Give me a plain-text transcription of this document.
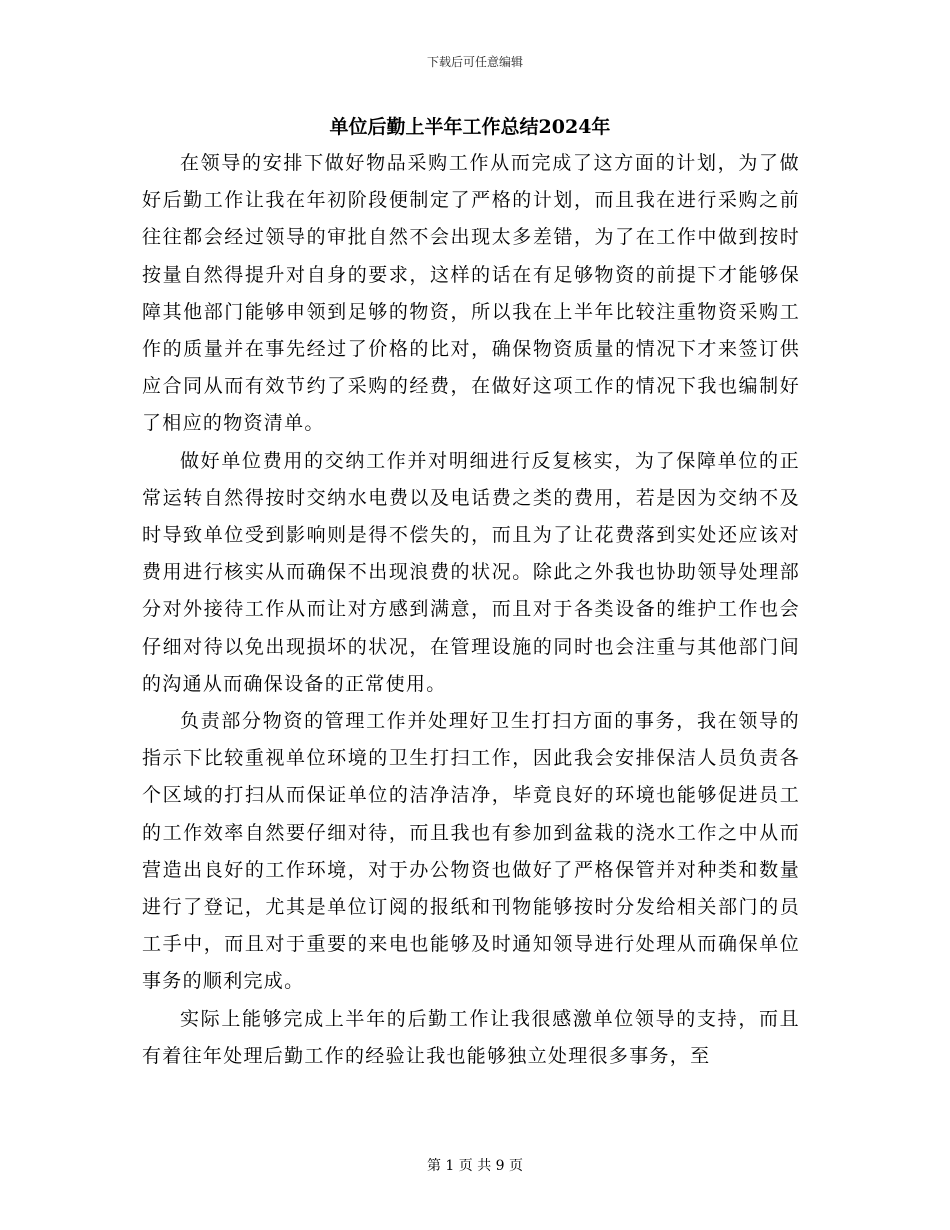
下载后可任意编辑
单位后勤上半年工作总结2024年

在领导的安排下做好物品采购工作从而完成了这方面的计划，为了做好后勤工作让我在年初阶段便制定了严格的计划，而且我在进行采购之前往往都会经过领导的审批自然不会出现太多差错，为了在工作中做到按时按量自然得提升对自身的要求，这样的话在有足够物资的前提下才能够保障其他部门能够申领到足够的物资，所以我在上半年比较注重物资采购工作的质量并在事先经过了价格的比对，确保物资质量的情况下才来签订供应合同从而有效节约了采购的经费，在做好这项工作的情况下我也编制好了相应的物资清单。

做好单位费用的交纳工作并对明细进行反复核实，为了保障单位的正常运转自然得按时交纳水电费以及电话费之类的费用，若是因为交纳不及时导致单位受到影响则是得不偿失的，而且为了让花费落到实处还应该对费用进行核实从而确保不出现浪费的状况。除此之外我也协助领导处理部分对外接待工作从而让对方感到满意，而且对于各类设备的维护工作也会仔细对待以免出现损坏的状况，在管理设施的同时也会注重与其他部门间的沟通从而确保设备的正常使用。

负责部分物资的管理工作并处理好卫生打扫方面的事务，我在领导的指示下比较重视单位环境的卫生打扫工作，因此我会安排保洁人员负责各个区域的打扫从而保证单位的洁净洁净，毕竟良好的环境也能够促进员工的工作效率自然要仔细对待，而且我也有参加到盆栽的浇水工作之中从而营造出良好的工作环境，对于办公物资也做好了严格保管并对种类和数量进行了登记，尤其是单位订阅的报纸和刊物能够按时分发给相关部门的员工手中，而且对于重要的来电也能够及时通知领导进行处理从而确保单位事务的顺利完成。

实际上能够完成上半年的后勤工作让我很感激单位领导的支持，而且有着往年处理后勤工作的经验让我也能够独立处理很多事务，至

第 1 页 共 9 页
